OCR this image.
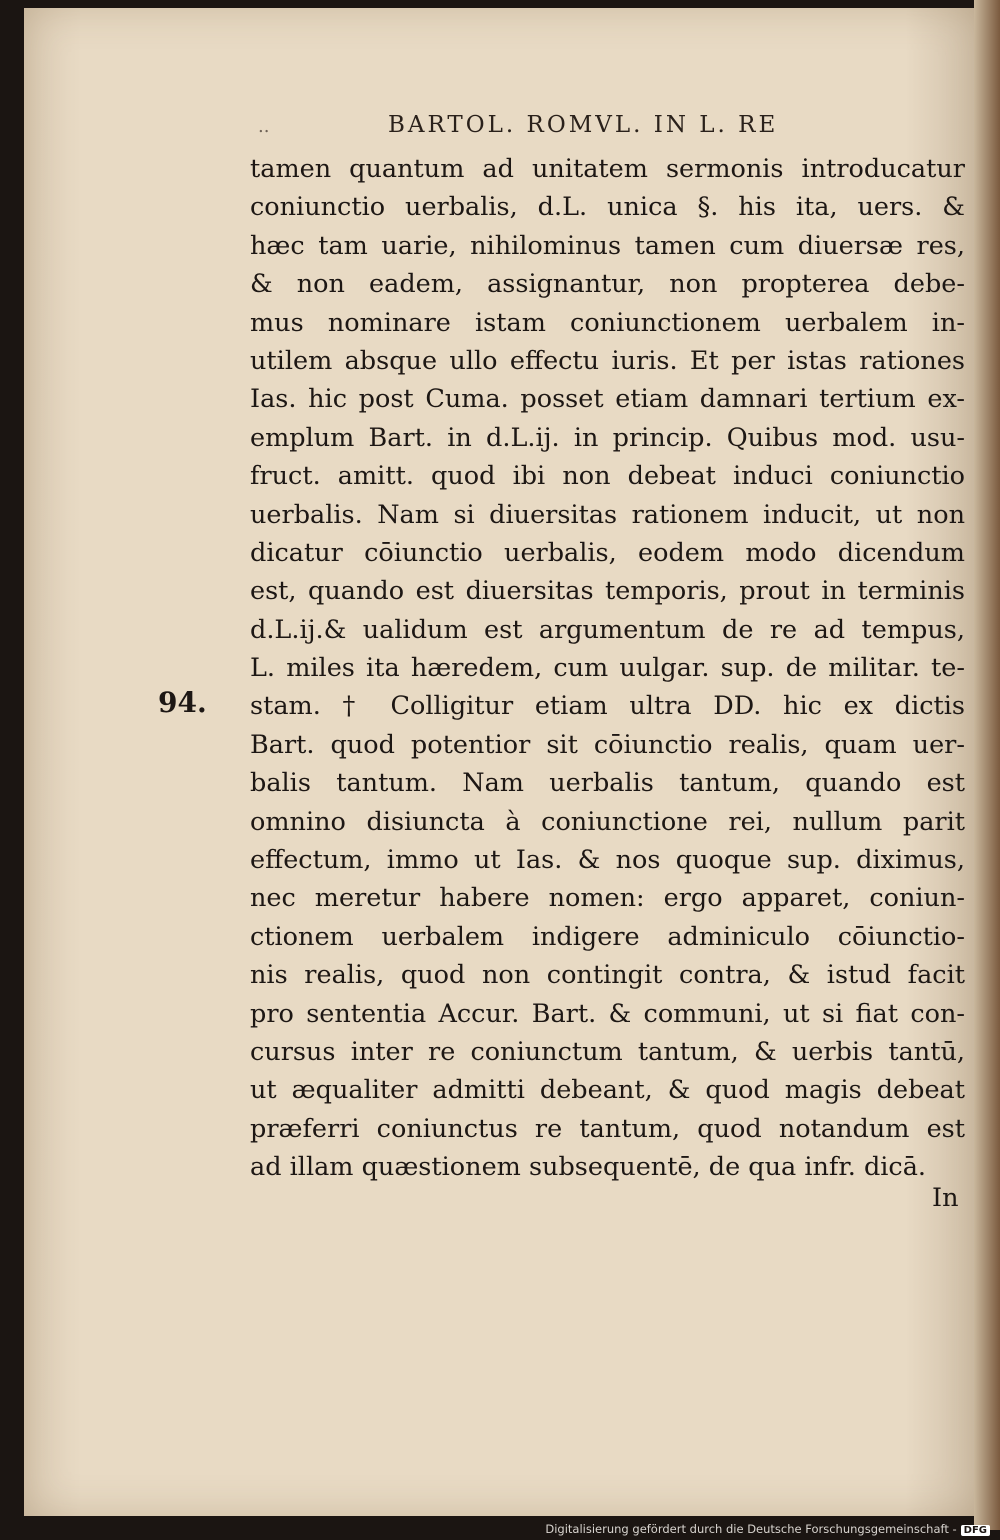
..	BARTOL. ROMVL. IN L. RE
94.
tamen quantum ad unitatem sermonis introducatur
coniunctio uerbalis, d.L. unica §. his ita, uers. &
hæc tam uarie, nihilominus tamen cum diuersæ res,
& non eadem, assignantur, non propterea debe-
mus nominare istam coniunctionem uerbalem in-
utilem absque ullo effectu iuris. Et per istas rationes
Ias. hic post Cuma. posset etiam damnari tertium ex-
emplum Bart. in d.L.ij. in princip. Quibus mod. usu-
fruct. amitt. quod ibi non debeat induci coniunctio
uerbalis. Nam si diuersitas rationem inducit, ut non
dicatur cōiunctio uerbalis, eodem modo dicendum
est, quando est diuersitas temporis, prout in terminis
d.L.ij.& ualidum est argumentum de re ad tempus,
L. miles ita hæredem, cum uulgar. sup. de militar. te-
stam. † Colligitur etiam ultra DD. hic ex dictis
Bart. quod potentior sit cōiunctio realis, quam uer-
balis tantum. Nam uerbalis tantum, quando est
omnino disiuncta à coniunctione rei, nullum parit
effectum, immo ut Ias. & nos quoque sup. diximus,
nec meretur habere nomen: ergo apparet, coniun-
ctionem uerbalem indigere adminiculo cōiunctio-
nis realis, quod non contingit contra, & istud facit
pro sententia Accur. Bart. & communi, ut si fiat con-
cursus inter re coniunctum tantum, & uerbis tantū,
ut æqualiter admitti debeant, & quod magis debeat
præferri coniunctus re tantum, quod notandum est
ad illam quæstionem subsequentē, de qua infr. dicā.
In
Digitalisierung gefördert durch die Deutsche Forschungsgemeinschaft - DFG
